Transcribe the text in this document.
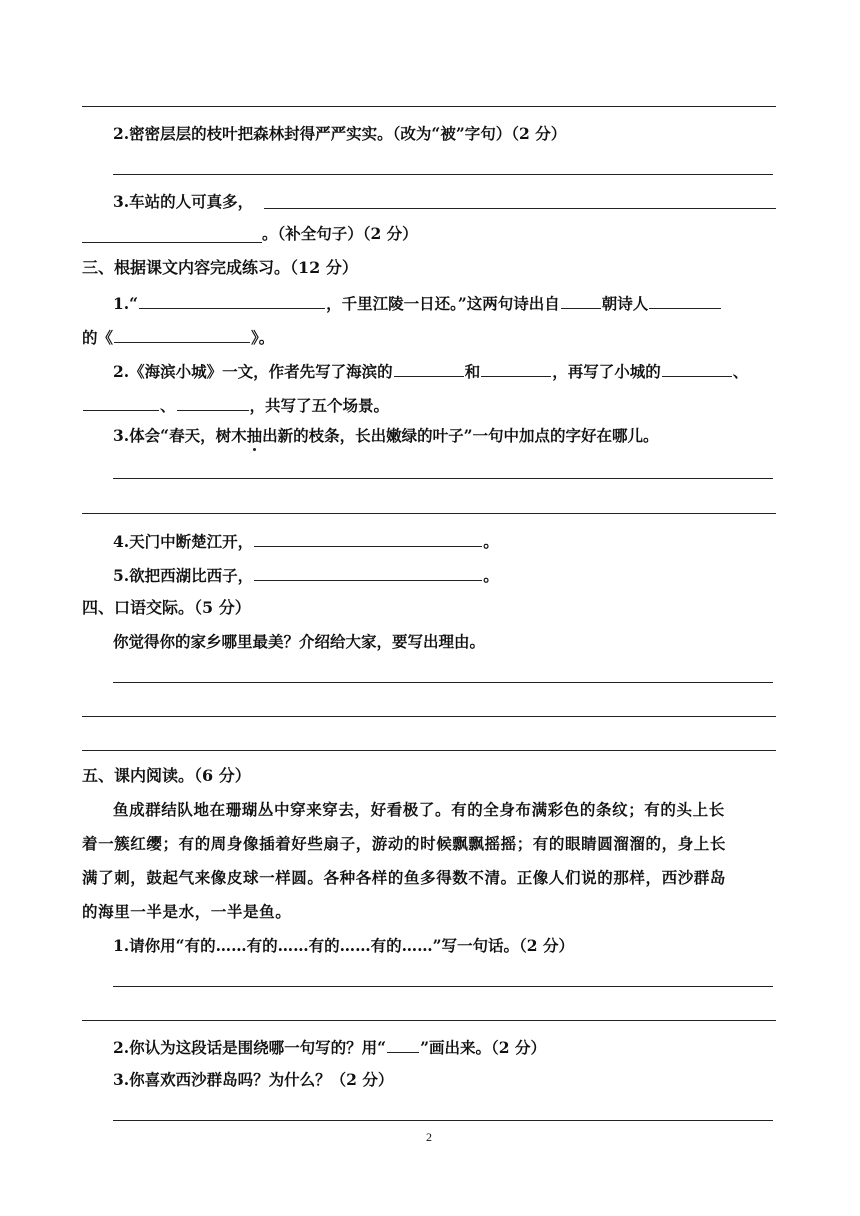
2.密密层层的枝叶把森林封得严严实实。（改为“被”字句）（2 分）
3.车站的人可真多，
。（补全句子）（2 分）
三、根据课文内容完成练习。（12 分）
1.“	，千里江陵一日还。”这两句诗出自	朝诗人
的《	》。
2.《海滨小城》一文，作者先写了海滨的	和	，再写了小城的	、
、	，共写了五个场景。
3.体会“春天，树木抽出新的枝条，长出嫩绿的叶子”一句中加点的字好在哪儿。
4.天门中断楚江开，	。
5.欲把西湖比西子，	。
四、口语交际。（5 分）
你觉得你的家乡哪里最美？介绍给大家，要写出理由。
五、课内阅读。（6 分）
鱼成群结队地在珊瑚丛中穿来穿去，好看极了。有的全身布满彩色的条纹；有的头上长
着一簇红缨；有的周身像插着好些扇子，游动的时候飘飘摇摇；有的眼睛圆溜溜的，身上长
满了刺，鼓起气来像皮球一样圆。各种各样的鱼多得数不清。正像人们说的那样，西沙群岛
的海里一半是水，一半是鱼。
1.请你用“有的……有的……有的……有的……”写一句话。（2 分）
2.你认为这段话是围绕哪一句写的？用“ ”画出来。（2 分）
3.你喜欢西沙群岛吗？为什么？（2 分）
2
